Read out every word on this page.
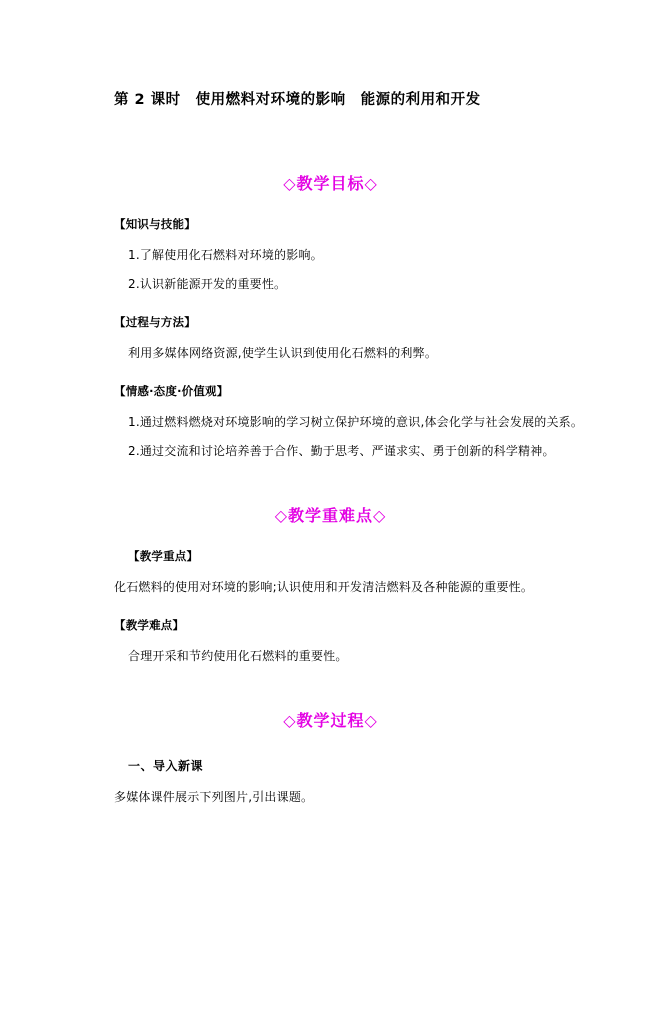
第 2 课时　使用燃料对环境的影响　能源的利用和开发
◇教学目标◇
【知识与技能】
1.了解使用化石燃料对环境的影响。
2.认识新能源开发的重要性。
【过程与方法】
利用多媒体网络资源,使学生认识到使用化石燃料的利弊。
【情感·态度·价值观】
1.通过燃料燃烧对环境影响的学习树立保护环境的意识,体会化学与社会发展的关系。
2.通过交流和讨论培养善于合作、勤于思考、严谨求实、勇于创新的科学精神。
◇教学重难点◇
【教学重点】
化石燃料的使用对环境的影响;认识使用和开发清洁燃料及各种能源的重要性。
【教学难点】
合理开采和节约使用化石燃料的重要性。
◇教学过程◇
一、导入新课
多媒体课件展示下列图片,引出课题。
